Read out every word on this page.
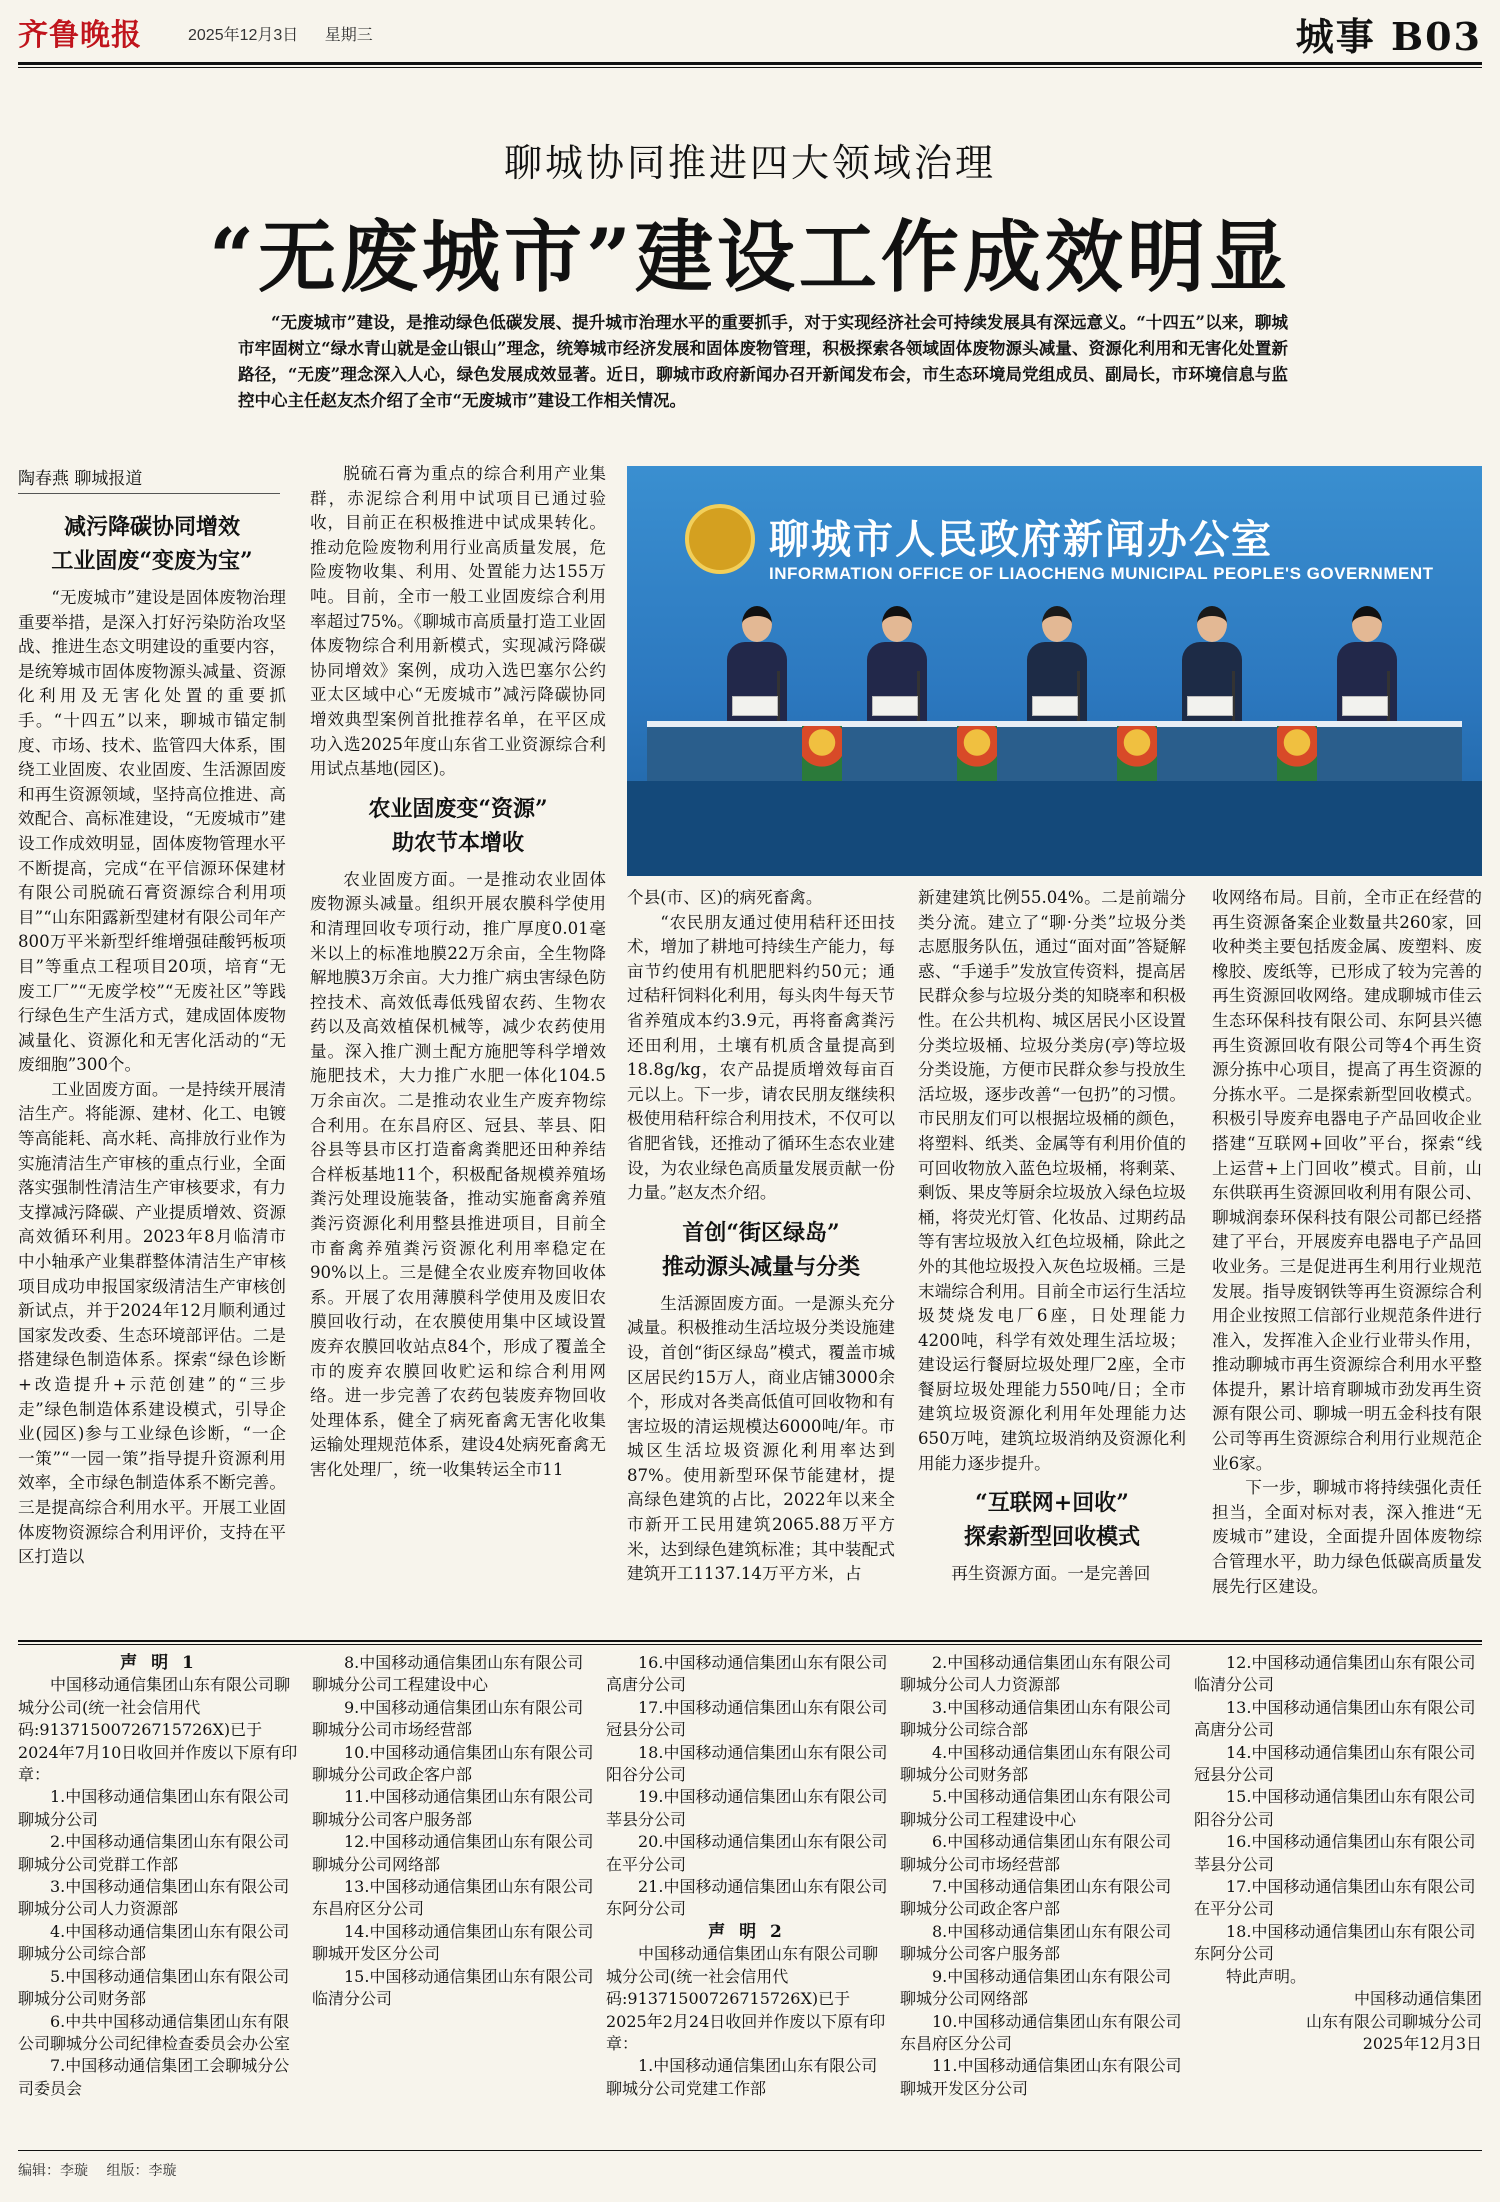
齐鲁晚报	2025年12月3日 星期三	城事 B03
聊城协同推进四大领域治理
“无废城市”建设工作成效明显
“无废城市”建设，是推动绿色低碳发展、提升城市治理水平的重要抓手，对于实现经济社会可持续发展具有深远意义。“十四五”以来，聊城市牢固树立“绿水青山就是金山银山”理念，统筹城市经济发展和固体废物管理，积极探索各领域固体废物源头减量、资源化利用和无害化处置新路径，“无废”理念深入人心，绿色发展成效显著。近日，聊城市政府新闻办召开新闻发布会，市生态环境局党组成员、副局长，市环境信息与监控中心主任赵友杰介绍了全市“无废城市”建设工作相关情况。
陶春燕 聊城报道
减污降碳协同增效
工业固废“变废为宝”

“无废城市”建设是固体废物治理重要举措，是深入打好污染防治攻坚战、推进生态文明建设的重要内容，是统筹城市固体废物源头减量、资源化利用及无害化处置的重要抓手。“十四五”以来，聊城市锚定制度、市场、技术、监管四大体系，围绕工业固废、农业固废、生活源固废和再生资源领域，坚持高位推进、高效配合、高标准建设，“无废城市”建设工作成效明显，固体废物管理水平不断提高，完成“在平信源环保建材有限公司脱硫石膏资源综合利用项目”“山东阳露新型建材有限公司年产800万平米新型纤维增强硅酸钙板项目”等重点工程项目20项，培育“无废工厂”“无废学校”“无废社区”等践行绿色生产生活方式，建成固体废物减量化、资源化和无害化活动的“无废细胞”300个。

工业固废方面。一是持续开展清洁生产。将能源、建材、化工、电镀等高能耗、高水耗、高排放行业作为实施清洁生产审核的重点行业，全面落实强制性清洁生产审核要求，有力支撑减污降碳、产业提质增效、资源高效循环利用。2023年8月临清市中小轴承产业集群整体清洁生产审核项目成功申报国家级清洁生产审核创新试点，并于2024年12月顺利通过国家发改委、生态环境部评估。二是搭建绿色制造体系。探索“绿色诊断+改造提升+示范创建”的“三步走”绿色制造体系建设模式，引导企业(园区)参与工业绿色诊断，“一企一策”“一园一策”指导提升资源利用效率，全市绿色制造体系不断完善。三是提高综合利用水平。开展工业固体废物资源综合利用评价，支持在平区打造以

脱硫石膏为重点的综合利用产业集群，赤泥综合利用中试项目已通过验收，目前正在积极推进中试成果转化。推动危险废物利用行业高质量发展，危险废物收集、利用、处置能力达155万吨。目前，全市一般工业固废综合利用率超过75%。《聊城市高质量打造工业固体废物综合利用新模式，实现减污降碳协同增效》案例，成功入选巴塞尔公约亚太区域中心“无废城市”减污降碳协同增效典型案例首批推荐名单，在平区成功入选2025年度山东省工业资源综合利用试点基地(园区)。

农业固废变“资源”
助农节本增收

农业固废方面。一是推动农业固体废物源头减量。组织开展农膜科学使用和清理回收专项行动，推广厚度0.01毫米以上的标准地膜22万余亩，全生物降解地膜3万余亩。大力推广病虫害绿色防控技术、高效低毒低残留农药、生物农药以及高效植保机械等，减少农药使用量。深入推广测土配方施肥等科学增效施肥技术，大力推广水肥一体化104.5万余亩次。二是推动农业生产废弃物综合利用。在东昌府区、冠县、莘县、阳谷县等县市区打造畜禽粪肥还田种养结合样板基地11个，积极配备规模养殖场粪污处理设施装备，推动实施畜禽养殖粪污资源化利用整县推进项目，目前全市畜禽养殖粪污资源化利用率稳定在90%以上。三是健全农业废弃物回收体系。开展了农用薄膜科学使用及废旧农膜回收行动，在农膜使用集中区域设置废弃农膜回收站点84个，形成了覆盖全市的废弃农膜回收贮运和综合利用网络。进一步完善了农药包装废弃物回收处理体系，健全了病死畜禽无害化收集运输处理规范体系，建设4处病死畜禽无害化处理厂，统一收集转运全市11

聊城市人民政府新闻办公室
INFORMATION OFFICE OF LIAOCHENG MUNICIPAL PEOPLE'S GOVERNMENT

个县(市、区)的病死畜禽。

“农民朋友通过使用秸秆还田技术，增加了耕地可持续生产能力，每亩节约使用有机肥肥料约50元；通过秸秆饲料化利用，每头肉牛每天节省养殖成本约3.9元，再将畜禽粪污还田利用，土壤有机质含量提高到18.8g/kg，农产品提质增效每亩百元以上。下一步，请农民朋友继续积极使用秸秆综合利用技术，不仅可以省肥省钱，还推动了循环生态农业建设，为农业绿色高质量发展贡献一份力量。”赵友杰介绍。

首创“街区绿岛”
推动源头减量与分类

生活源固废方面。一是源头充分减量。积极推动生活垃圾分类设施建设，首创“街区绿岛”模式，覆盖市城区居民约15万人，商业店铺3000余个，形成对各类高低值可回收物和有害垃圾的清运规模达6000吨/年。市城区生活垃圾资源化利用率达到87%。使用新型环保节能建材，提高绿色建筑的占比，2022年以来全市新开工民用建筑2065.88万平方米，达到绿色建筑标准；其中装配式建筑开工1137.14万平方米，占

新建建筑比例55.04%。二是前端分类分流。建立了“聊·分类”垃圾分类志愿服务队伍，通过“面对面”答疑解惑、“手递手”发放宣传资料，提高居民群众参与垃圾分类的知晓率和积极性。在公共机构、城区居民小区设置分类垃圾桶、垃圾分类房(亭)等垃圾分类设施，方便市民群众参与投放生活垃圾，逐步改善“一包扔”的习惯。市民朋友们可以根据垃圾桶的颜色，将塑料、纸类、金属等有利用价值的可回收物放入蓝色垃圾桶，将剩菜、剩饭、果皮等厨余垃圾放入绿色垃圾桶，将荧光灯管、化妆品、过期药品等有害垃圾放入红色垃圾桶，除此之外的其他垃圾投入灰色垃圾桶。三是末端综合利用。目前全市运行生活垃圾焚烧发电厂6座，日处理能力4200吨，科学有效处理生活垃圾；建设运行餐厨垃圾处理厂2座，全市餐厨垃圾处理能力550吨/日；全市建筑垃圾资源化利用年处理能力达650万吨，建筑垃圾消纳及资源化利用能力逐步提升。

“互联网+回收”
探索新型回收模式

再生资源方面。一是完善回

收网络布局。目前，全市正在经营的再生资源备案企业数量共260家，回收种类主要包括废金属、废塑料、废橡胶、废纸等，已形成了较为完善的再生资源回收网络。建成聊城市佳云生态环保科技有限公司、东阿县兴德再生资源回收有限公司等4个再生资源分拣中心项目，提高了再生资源的分拣水平。二是探索新型回收模式。积极引导废弃电器电子产品回收企业搭建“互联网+回收”平台，探索“线上运营+上门回收”模式。目前，山东供联再生资源回收利用有限公司、聊城润泰环保科技有限公司都已经搭建了平台，开展废弃电器电子产品回收业务。三是促进再生利用行业规范发展。指导废钢铁等再生资源综合利用企业按照工信部行业规范条件进行准入，发挥准入企业行业带头作用，推动聊城市再生资源综合利用水平整体提升，累计培育聊城市劲发再生资源有限公司、聊城一明五金科技有限公司等再生资源综合利用行业规范企业6家。

下一步，聊城市将持续强化责任担当，全面对标对表，深入推进“无废城市”建设，全面提升固体废物综合管理水平，助力绿色低碳高质量发展先行区建设。

声 明 1

中国移动通信集团山东有限公司聊城分公司(统一社会信用代码:91371500726715726X)已于2024年7月10日收回并作废以下原有印章：

1.中国移动通信集团山东有限公司聊城分公司

2.中国移动通信集团山东有限公司聊城分公司党群工作部

3.中国移动通信集团山东有限公司聊城分公司人力资源部

4.中国移动通信集团山东有限公司聊城分公司综合部

5.中国移动通信集团山东有限公司聊城分公司财务部

6.中共中国移动通信集团山东有限公司聊城分公司纪律检查委员会办公室

7.中国移动通信集团工会聊城分公司委员会

8.中国移动通信集团山东有限公司聊城分公司工程建设中心

9.中国移动通信集团山东有限公司聊城分公司市场经营部

10.中国移动通信集团山东有限公司聊城分公司政企客户部

11.中国移动通信集团山东有限公司聊城分公司客户服务部

12.中国移动通信集团山东有限公司聊城分公司网络部

13.中国移动通信集团山东有限公司东昌府区分公司

14.中国移动通信集团山东有限公司聊城开发区分公司

15.中国移动通信集团山东有限公司临清分公司

16.中国移动通信集团山东有限公司高唐分公司

17.中国移动通信集团山东有限公司冠县分公司

18.中国移动通信集团山东有限公司阳谷分公司

19.中国移动通信集团山东有限公司莘县分公司

20.中国移动通信集团山东有限公司在平分公司

21.中国移动通信集团山东有限公司东阿分公司

声 明 2

中国移动通信集团山东有限公司聊城分公司(统一社会信用代码:91371500726715726X)已于2025年2月24日收回并作废以下原有印章：

1.中国移动通信集团山东有限公司聊城分公司党建工作部

2.中国移动通信集团山东有限公司聊城分公司人力资源部

3.中国移动通信集团山东有限公司聊城分公司综合部

4.中国移动通信集团山东有限公司聊城分公司财务部

5.中国移动通信集团山东有限公司聊城分公司工程建设中心

6.中国移动通信集团山东有限公司聊城分公司市场经营部

7.中国移动通信集团山东有限公司聊城分公司政企客户部

8.中国移动通信集团山东有限公司聊城分公司客户服务部

9.中国移动通信集团山东有限公司聊城分公司网络部

10.中国移动通信集团山东有限公司东昌府区分公司

11.中国移动通信集团山东有限公司聊城开发区分公司

12.中国移动通信集团山东有限公司临清分公司

13.中国移动通信集团山东有限公司高唐分公司

14.中国移动通信集团山东有限公司冠县分公司

15.中国移动通信集团山东有限公司阳谷分公司

16.中国移动通信集团山东有限公司莘县分公司

17.中国移动通信集团山东有限公司在平分公司

18.中国移动通信集团山东有限公司东阿分公司

特此声明。

中国移动通信集团

山东有限公司聊城分公司

2025年12月3日

编辑：李璇 组版：李璇
